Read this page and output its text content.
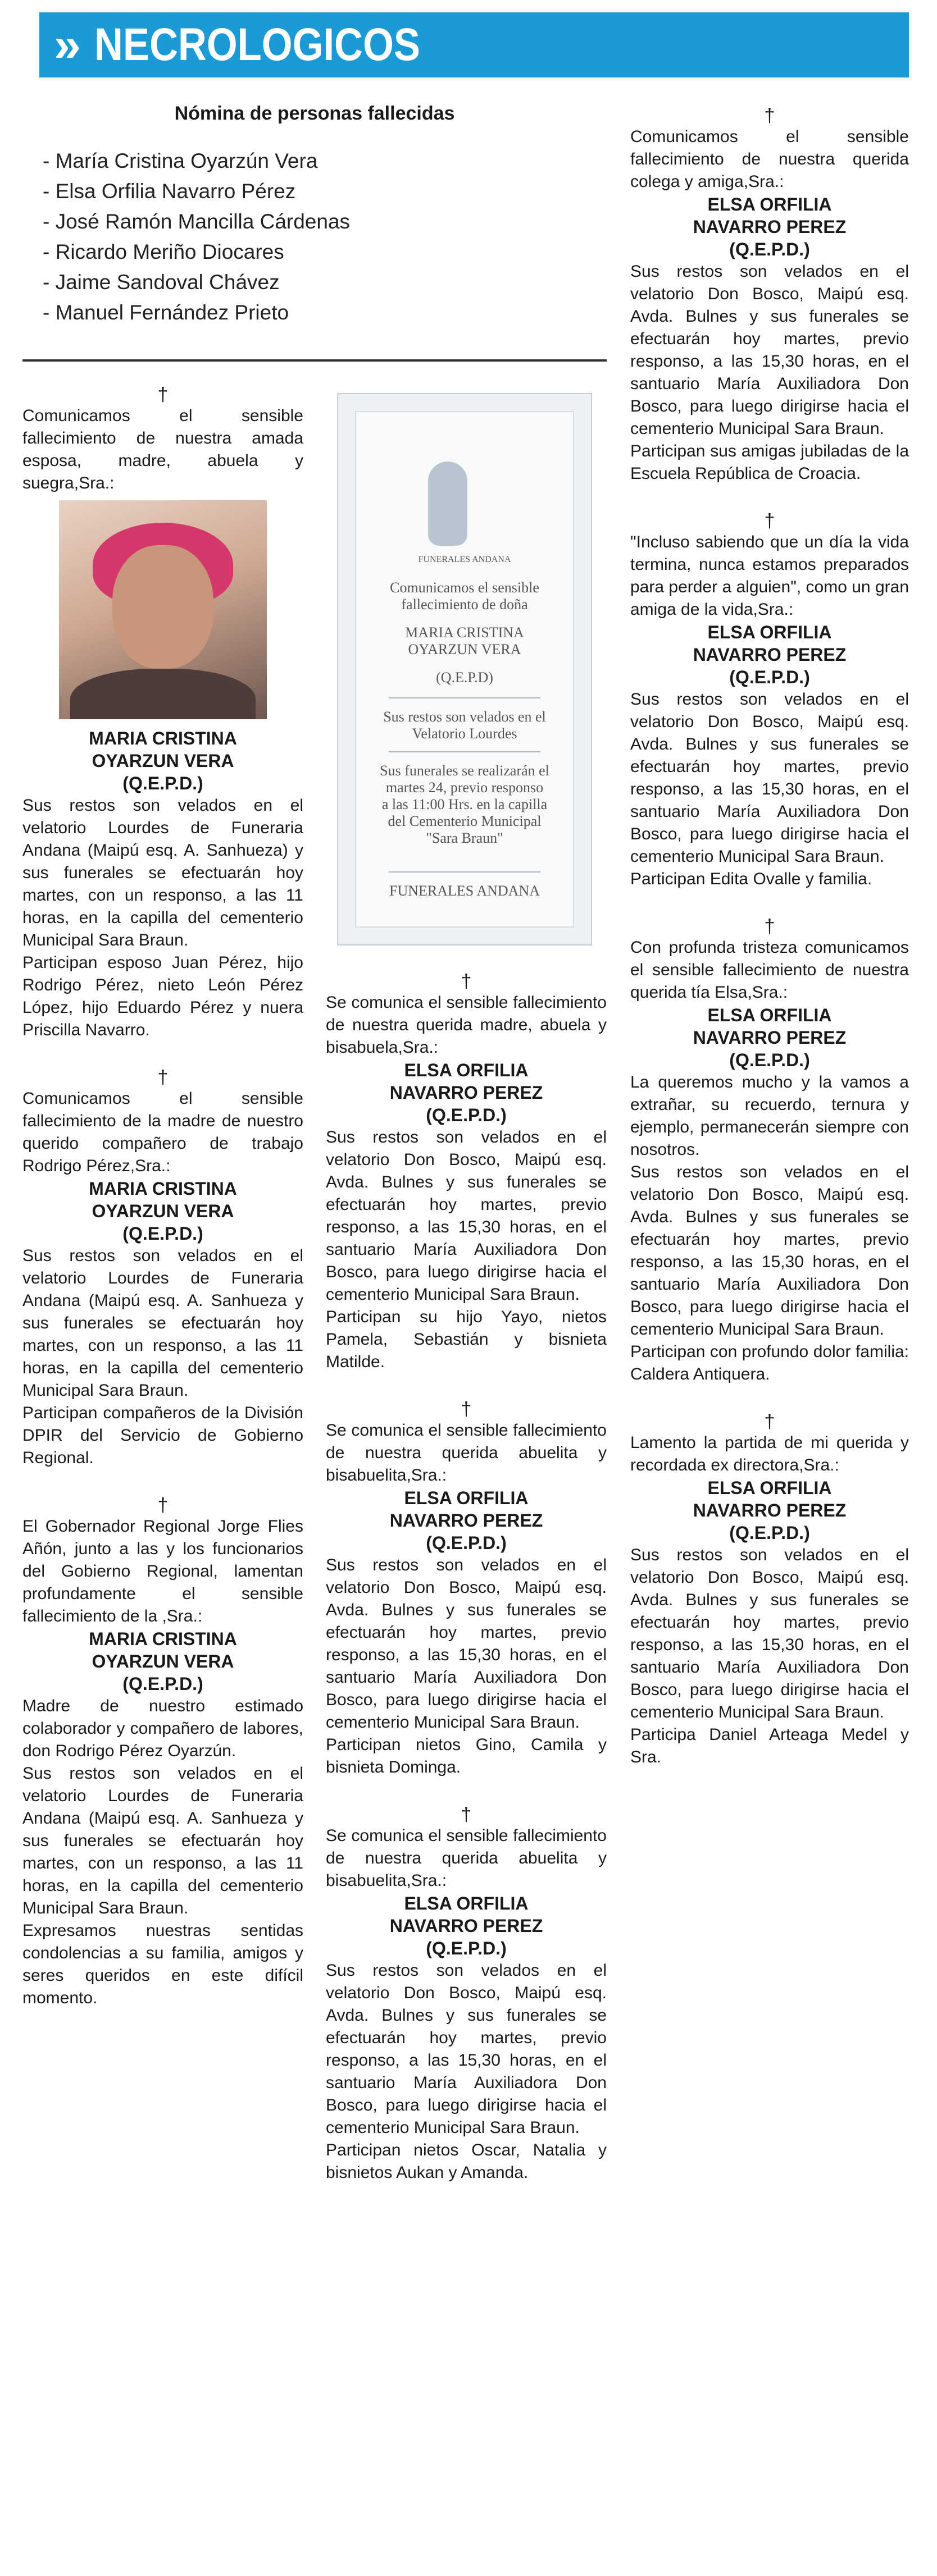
» NECROLOGICOS
Nómina de personas fallecidas
- María Cristina Oyarzún Vera
- Elsa Orfilia Navarro Pérez
- José Ramón Mancilla Cárdenas
- Ricardo Meriño Diocares
- Jaime Sandoval Chávez
- Manuel Fernández Prieto
†

Comunicamos el sensible fallecimiento de nuestra amada esposa, madre, abuela y suegra,Sra.:

MARIA CRISTINA
OYARZUN VERA
(Q.E.P.D.)

Sus restos son velados en el velatorio Lourdes de Funeraria Andana (Maipú esq. A. Sanhueza) y sus funerales se efectuarán hoy martes, con un responso, a las 11 horas, en la capilla del cementerio Municipal Sara Braun.

Participan esposo Juan Pérez, hijo Rodrigo Pérez, nieto León Pérez López, hijo Eduardo Pérez y nuera Priscilla Navarro.

†

Comunicamos el sensible fallecimiento de la madre de nuestro querido compañero de trabajo Rodrigo Pérez,Sra.:

MARIA CRISTINA
OYARZUN VERA
(Q.E.P.D.)

Sus restos son velados en el velatorio Lourdes de Funeraria Andana (Maipú esq. A. Sanhueza y sus funerales se efectuarán hoy martes, con un responso, a las 11 horas, en la capilla del cementerio Municipal Sara Braun.

Participan compañeros de la División DPIR del Servicio de Gobierno Regional.

†

El Gobernador Regional Jorge Flies Añón, junto a las y los funcionarios del Gobierno Regional, lamentan profundamente el sensible fallecimiento de la ,Sra.:

MARIA CRISTINA
OYARZUN VERA
(Q.E.P.D.)

Madre de nuestro estimado colaborador y compañero de labores, don Rodrigo Pérez Oyarzún.

Sus restos son velados en el velatorio Lourdes de Funeraria Andana (Maipú esq. A. Sanhueza y sus funerales se efectuarán hoy martes, con un responso, a las 11 horas, en la capilla del cementerio Municipal Sara Braun.

Expresamos nuestras sentidas condolencias a su familia, amigos y seres queridos en este difícil momento.

FUNERALES ANDANA
Comunicamos el sensible
fallecimiento de doña
MARIA CRISTINA
OYARZUN VERA
(Q.E.P.D)
Sus restos son velados en el
Velatorio Lourdes
Sus funerales se realizarán el
martes 24, previo responso
a las 11:00 Hrs. en la capilla
del Cementerio Municipal
"Sara Braun"
FUNERALES ANDANA
†

Se comunica el sensible fallecimiento de nuestra querida madre, abuela y bisabuela,Sra.:

ELSA ORFILIA
NAVARRO PEREZ
(Q.E.P.D.)

Sus restos son velados en el velatorio Don Bosco, Maipú esq. Avda. Bulnes y sus funerales se efectuarán hoy martes, previo responso, a las 15,30 horas, en el santuario María Auxiliadora Don Bosco, para luego dirigirse hacia el cementerio Municipal Sara Braun.

Participan su hijo Yayo, nietos Pamela, Sebastián y bisnieta Matilde.

†

Se comunica el sensible fallecimiento de nuestra querida abuelita y bisabuelita,Sra.:

ELSA ORFILIA
NAVARRO PEREZ
(Q.E.P.D.)

Sus restos son velados en el velatorio Don Bosco, Maipú esq. Avda. Bulnes y sus funerales se efectuarán hoy martes, previo responso, a las 15,30 horas, en el santuario María Auxiliadora Don Bosco, para luego dirigirse hacia el cementerio Municipal Sara Braun.

Participan nietos Gino, Camila y bisnieta Dominga.

†

Se comunica el sensible fallecimiento de nuestra querida abuelita y bisabuelita,Sra.:

ELSA ORFILIA
NAVARRO PEREZ
(Q.E.P.D.)

Sus restos son velados en el velatorio Don Bosco, Maipú esq. Avda. Bulnes y sus funerales se efectuarán hoy martes, previo responso, a las 15,30 horas, en el santuario María Auxiliadora Don Bosco, para luego dirigirse hacia el cementerio Municipal Sara Braun.

Participan nietos Oscar, Natalia y bisnietos Aukan y Amanda.

†

Comunicamos el sensible fallecimiento de nuestra querida colega y amiga,Sra.:

ELSA ORFILIA
NAVARRO PEREZ
(Q.E.P.D.)

Sus restos son velados en el velatorio Don Bosco, Maipú esq. Avda. Bulnes y sus funerales se efectuarán hoy martes, previo responso, a las 15,30 horas, en el santuario María Auxiliadora Don Bosco, para luego dirigirse hacia el cementerio Municipal Sara Braun.

Participan sus amigas jubiladas de la Escuela República de Croacia.

†

"Incluso sabiendo que un día la vida termina, nunca estamos preparados para perder a alguien", como un gran amiga de la vida,Sra.:

ELSA ORFILIA
NAVARRO PEREZ
(Q.E.P.D.)

Sus restos son velados en el velatorio Don Bosco, Maipú esq. Avda. Bulnes y sus funerales se efectuarán hoy martes, previo responso, a las 15,30 horas, en el santuario María Auxiliadora Don Bosco, para luego dirigirse hacia el cementerio Municipal Sara Braun.

Participan Edita Ovalle y familia.

†

Con profunda tristeza comunicamos el sensible fallecimiento de nuestra querida tía Elsa,Sra.:

ELSA ORFILIA
NAVARRO PEREZ
(Q.E.P.D.)

La queremos mucho y la vamos a extrañar, su recuerdo, ternura y ejemplo, permanecerán siempre con nosotros.

Sus restos son velados en el velatorio Don Bosco, Maipú esq. Avda. Bulnes y sus funerales se efectuarán hoy martes, previo responso, a las 15,30 horas, en el santuario María Auxiliadora Don Bosco, para luego dirigirse hacia el cementerio Municipal Sara Braun.

Participan con profundo dolor familia: Caldera Antiquera.

†

Lamento la partida de mi querida y recordada ex directora,Sra.:

ELSA ORFILIA
NAVARRO PEREZ
(Q.E.P.D.)

Sus restos son velados en el velatorio Don Bosco, Maipú esq. Avda. Bulnes y sus funerales se efectuarán hoy martes, previo responso, a las 15,30 horas, en el santuario María Auxiliadora Don Bosco, para luego dirigirse hacia el cementerio Municipal Sara Braun.

Participa Daniel Arteaga Medel y Sra.
